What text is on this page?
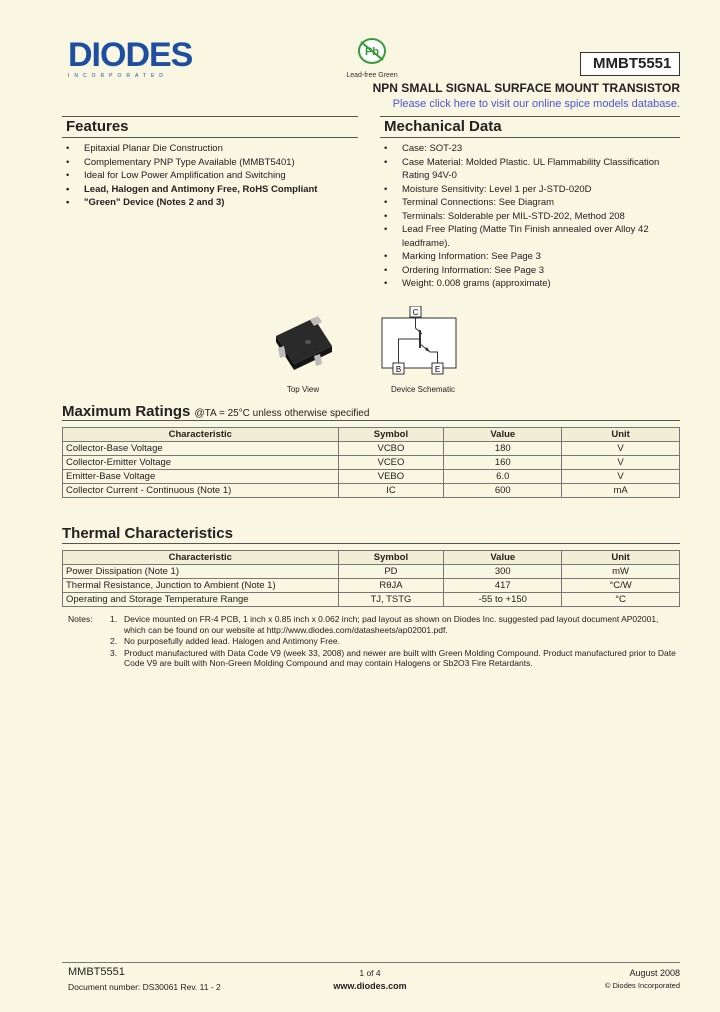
DIODES
INCORPORATED
Pb
Lead-free Green
MMBT5551
NPN SMALL SIGNAL SURFACE MOUNT TRANSISTOR
Please click here to visit our online spice models database.
Features
• Epitaxial Planar Die Construction
• Complementary PNP Type Available (MMBT5401)
• Ideal for Low Power Amplification and Switching
• Lead, Halogen and Antimony Free, RoHS Compliant
• "Green" Device (Notes 2 and 3)
Mechanical Data
• Case: SOT-23
• Case Material: Molded Plastic. UL Flammability Classification Rating 94V-0
• Moisture Sensitivity: Level 1 per J-STD-020D
• Terminal Connections: See Diagram
• Terminals: Solderable per MIL-STD-202, Method 208
• Lead Free Plating (Matte Tin Finish annealed over Alloy 42 leadframe).
• Marking Information: See Page 3
• Ordering Information: See Page 3
• Weight: 0.008 grams (approximate)
Top View
C
B	E
Device Schematic
Maximum Ratings @TA = 25°C unless otherwise specified
Characteristic	Symbol	Value	Unit
Collector-Base Voltage	VCBO	180	V
Collector-Emitter Voltage	VCEO	160	V
Emitter-Base Voltage	VEBO	6.0	V
Collector Current - Continuous (Note 1)	IC	600	mA
Thermal Characteristics
Characteristic	Symbol	Value	Unit
Power Dissipation (Note 1)	PD	300	mW
Thermal Resistance, Junction to Ambient (Note 1)	RθJA	417	°C/W
Operating and Storage Temperature Range	TJ, TSTG	-55 to +150	°C
Notes: 1. Device mounted on FR-4 PCB, 1 inch x 0.85 inch x 0.062 inch; pad layout as shown on Diodes Inc. suggested pad layout document AP02001, which can be found on our website at http://www.diodes.com/datasheets/ap02001.pdf.
2. No purposefully added lead. Halogen and Antimony Free.
3. Product manufactured with Data Code V9 (week 33, 2008) and newer are built with Green Molding Compound. Product manufactured prior to Date Code V9 are built with Non-Green Molding Compound and may contain Halogens or Sb2O3 Fire Retardants.
MMBT5551
Document number: DS30061 Rev. 11 - 2
1 of 4
www.diodes.com
August 2008
© Diodes Incorporated
